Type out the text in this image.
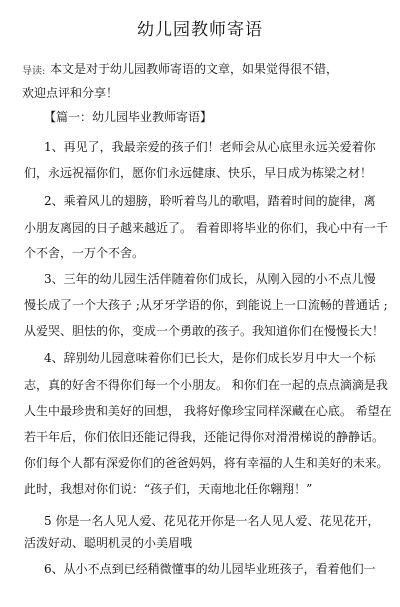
幼儿园教师寄语
导读: 本文是对于幼儿园教师寄语的文章，如果觉得很不错，
欢迎点评和分享！
【篇一：幼儿园毕业教师寄语】
1、再见了，我最亲爱的孩子们！老师会从心底里永远关爱着你
们，永远祝福你们，愿你们永远健康、快乐，早日成为栋梁之材！
2、乘着风儿的翅膀，聆听着鸟儿的歌唱，踏着时间的旋律，离
小朋友离园的日子越来越近了。 看着即将毕业的你们，我心中有一千
个不舍，一万个不舍。
3、三年的幼儿园生活伴随着你们成长，从刚入园的小不点儿慢
慢长成了一个大孩子 ;从牙牙学语的你，到能说上一口流畅的普通话 ;
从爱哭、胆怯的你，变成一个勇敢的孩子。我知道你们在慢慢长大！
4、辞别幼儿园意味着你们已长大，是你们成长岁月中大一个标
志，真的好舍不得你们每一个小朋友。 和你们在一起的点点滴滴是我
人生中最珍贵和美好的回想， 我将好像珍宝同样深藏在心底。 希望在
若干年后，你们依旧还能记得我，还能记得你对滑滑梯说的静静话。
你们每个人都有深爱你们的爸爸妈妈，将有幸福的人生和美好的未来。
此时，我想对你们说：“孩子们，天南地北任你翱翔！”
5 你是一名人见人爱、花见花开你是一名人见人爱、花见花开，
活泼好动、聪明机灵的小美眉哦
6、从小不点到已经稍微懂事的幼儿园毕业班孩子，看着他们一
